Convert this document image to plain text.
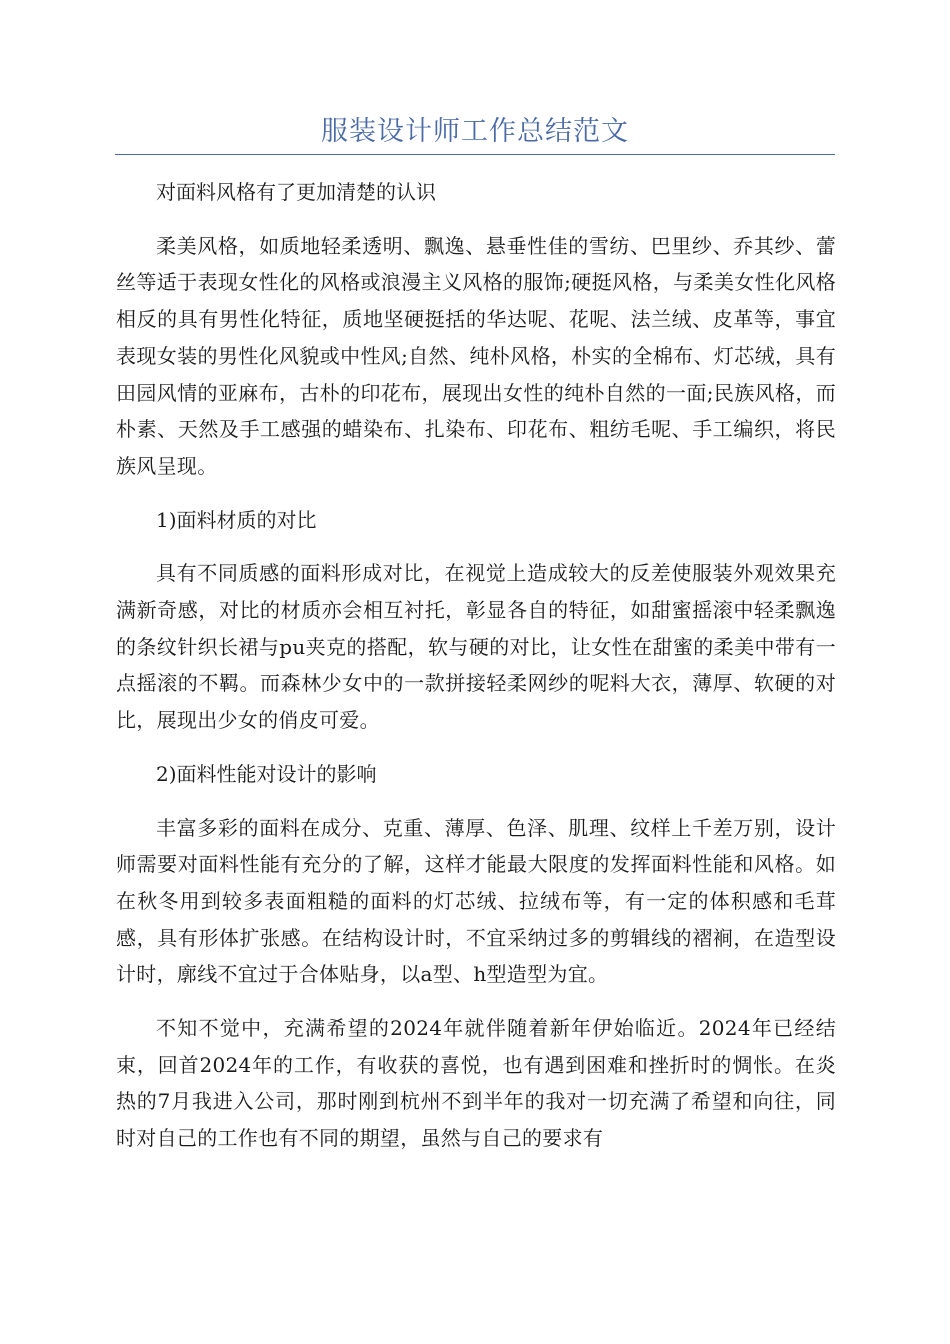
服装设计师工作总结范文

对面料风格有了更加清楚的认识

柔美风格，如质地轻柔透明、飘逸、悬垂性佳的雪纺、巴里纱、乔其纱、蕾丝等适于表现女性化的风格或浪漫主义风格的服饰;硬挺风格，与柔美女性化风格相反的具有男性化特征，质地坚硬挺括的华达呢、花呢、法兰绒、皮革等，事宜表现女装的男性化风貌或中性风;自然、纯朴风格，朴实的全棉布、灯芯绒，具有田园风情的亚麻布，古朴的印花布，展现出女性的纯朴自然的一面;民族风格，而朴素、天然及手工感强的蜡染布、扎染布、印花布、粗纺毛呢、手工编织，将民族风呈现。

1)面料材质的对比

具有不同质感的面料形成对比，在视觉上造成较大的反差使服装外观效果充满新奇感，对比的材质亦会相互衬托，彰显各自的特征，如甜蜜摇滚中轻柔飘逸的条纹针织长裙与pu夹克的搭配，软与硬的对比，让女性在甜蜜的柔美中带有一点摇滚的不羁。而森林少女中的一款拼接轻柔网纱的呢料大衣，薄厚、软硬的对比，展现出少女的俏皮可爱。

2)面料性能对设计的影响

丰富多彩的面料在成分、克重、薄厚、色泽、肌理、纹样上千差万别，设计师需要对面料性能有充分的了解，这样才能最大限度的发挥面料性能和风格。如在秋冬用到较多表面粗糙的面料的灯芯绒、拉绒布等，有一定的体积感和毛茸感，具有形体扩张感。在结构设计时，不宜采纳过多的剪辑线的褶裥，在造型设计时，廓线不宜过于合体贴身，以a型、h型造型为宜。

不知不觉中，充满希望的2024年就伴随着新年伊始临近。2024年已经结束，回首2024年的工作，有收获的喜悦，也有遇到困难和挫折时的惆怅。在炎热的7月我进入公司，那时刚到杭州不到半年的我对一切充满了希望和向往，同时对自己的工作也有不同的期望，虽然与自己的要求有
